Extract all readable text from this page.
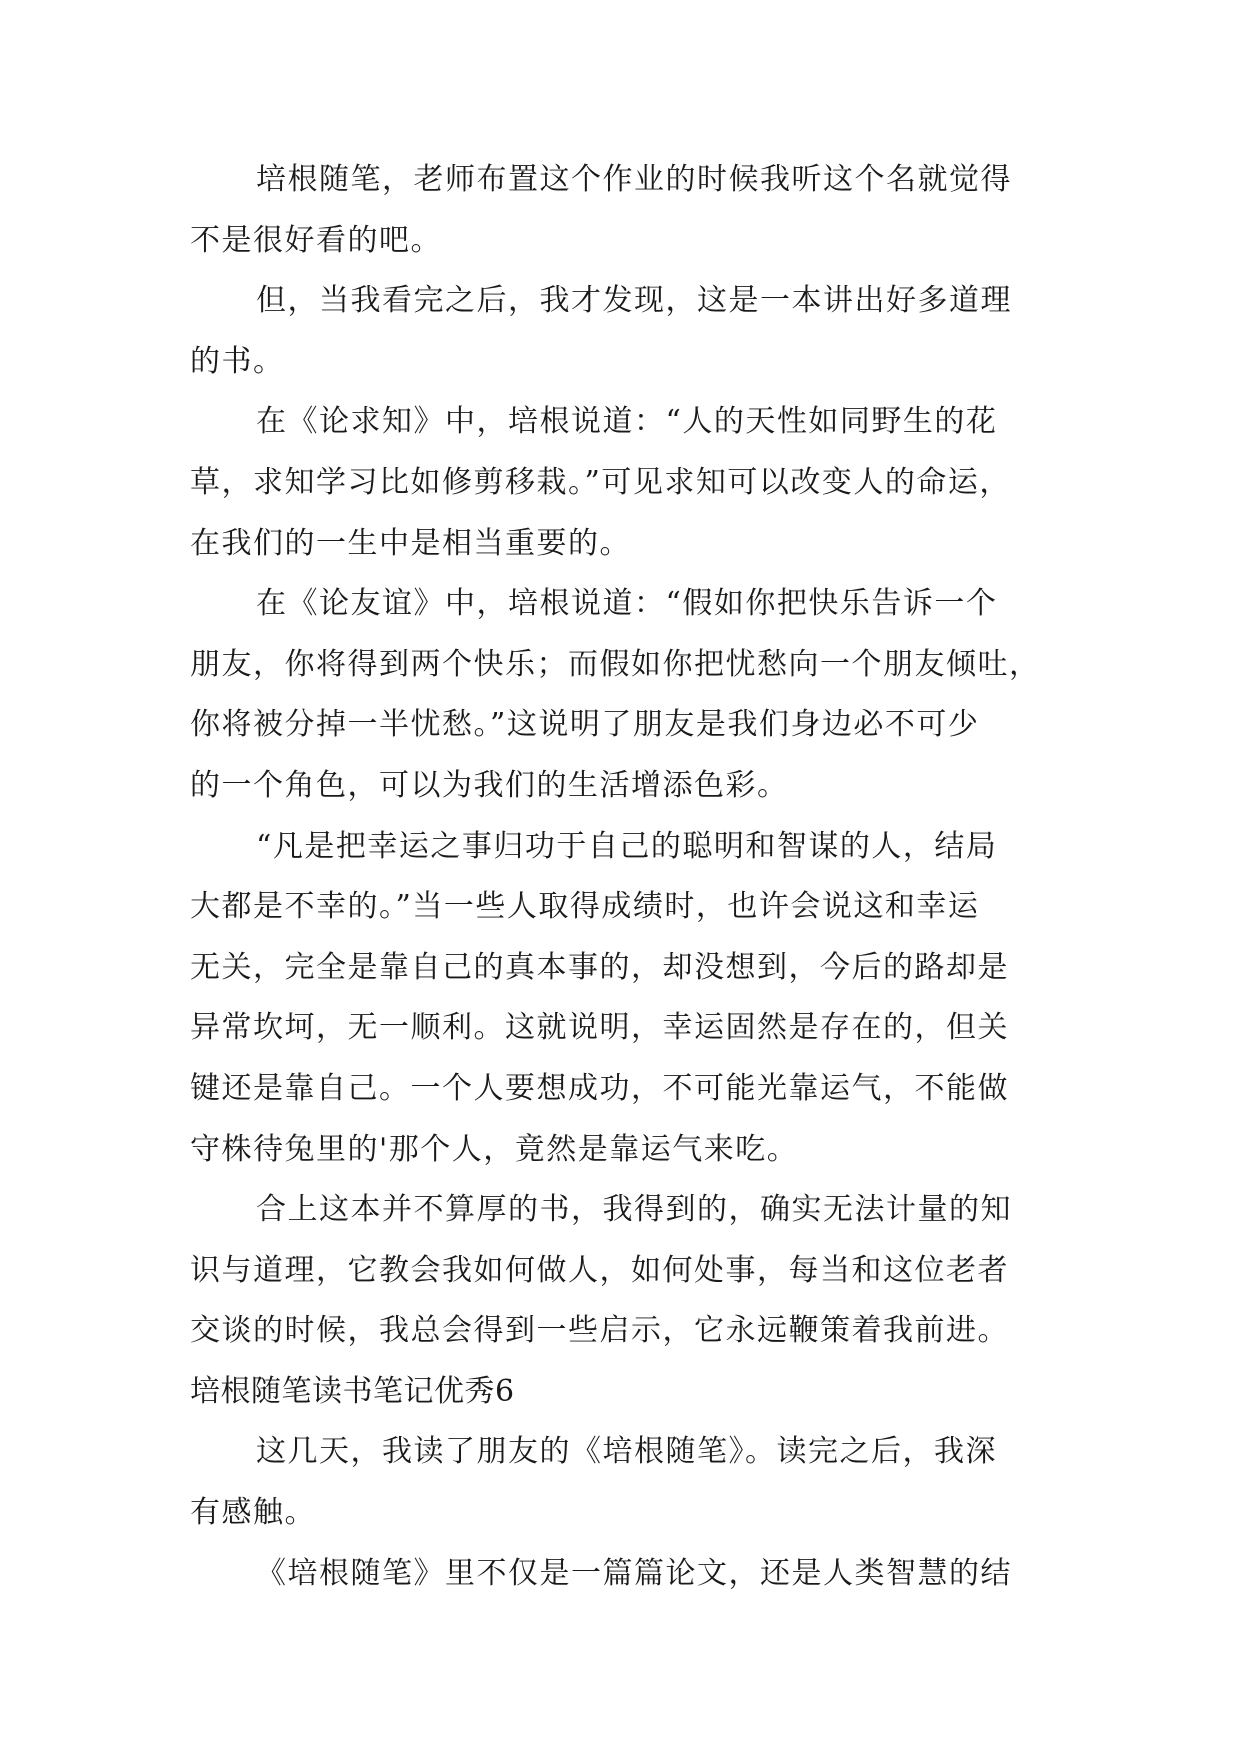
培根随笔，老师布置这个作业的时候我听这个名就觉得
不是很好看的吧。
但，当我看完之后，我才发现，这是一本讲出好多道理
的书。
在《论求知》中，培根说道：“人的天性如同野生的花
草，求知学习比如修剪移栽。”可见求知可以改变人的命运，
在我们的一生中是相当重要的。
在《论友谊》中，培根说道：“假如你把快乐告诉一个
朋友，你将得到两个快乐；而假如你把忧愁向一个朋友倾吐，
你将被分掉一半忧愁。”这说明了朋友是我们身边必不可少
的一个角色，可以为我们的生活增添色彩。
“凡是把幸运之事归功于自己的聪明和智谋的人，结局
大都是不幸的。”当一些人取得成绩时，也许会说这和幸运
无关，完全是靠自己的真本事的，却没想到，今后的路却是
异常坎坷，无一顺利。这就说明，幸运固然是存在的，但关
键还是靠自己。一个人要想成功，不可能光靠运气，不能做
守株待兔里的'那个人，竟然是靠运气来吃。
合上这本并不算厚的书，我得到的，确实无法计量的知
识与道理，它教会我如何做人，如何处事，每当和这位老者
交谈的时候，我总会得到一些启示，它永远鞭策着我前进。
培根随笔读书笔记优秀6
这几天，我读了朋友的《培根随笔》。读完之后，我深
有感触。
《培根随笔》里不仅是一篇篇论文，还是人类智慧的结
